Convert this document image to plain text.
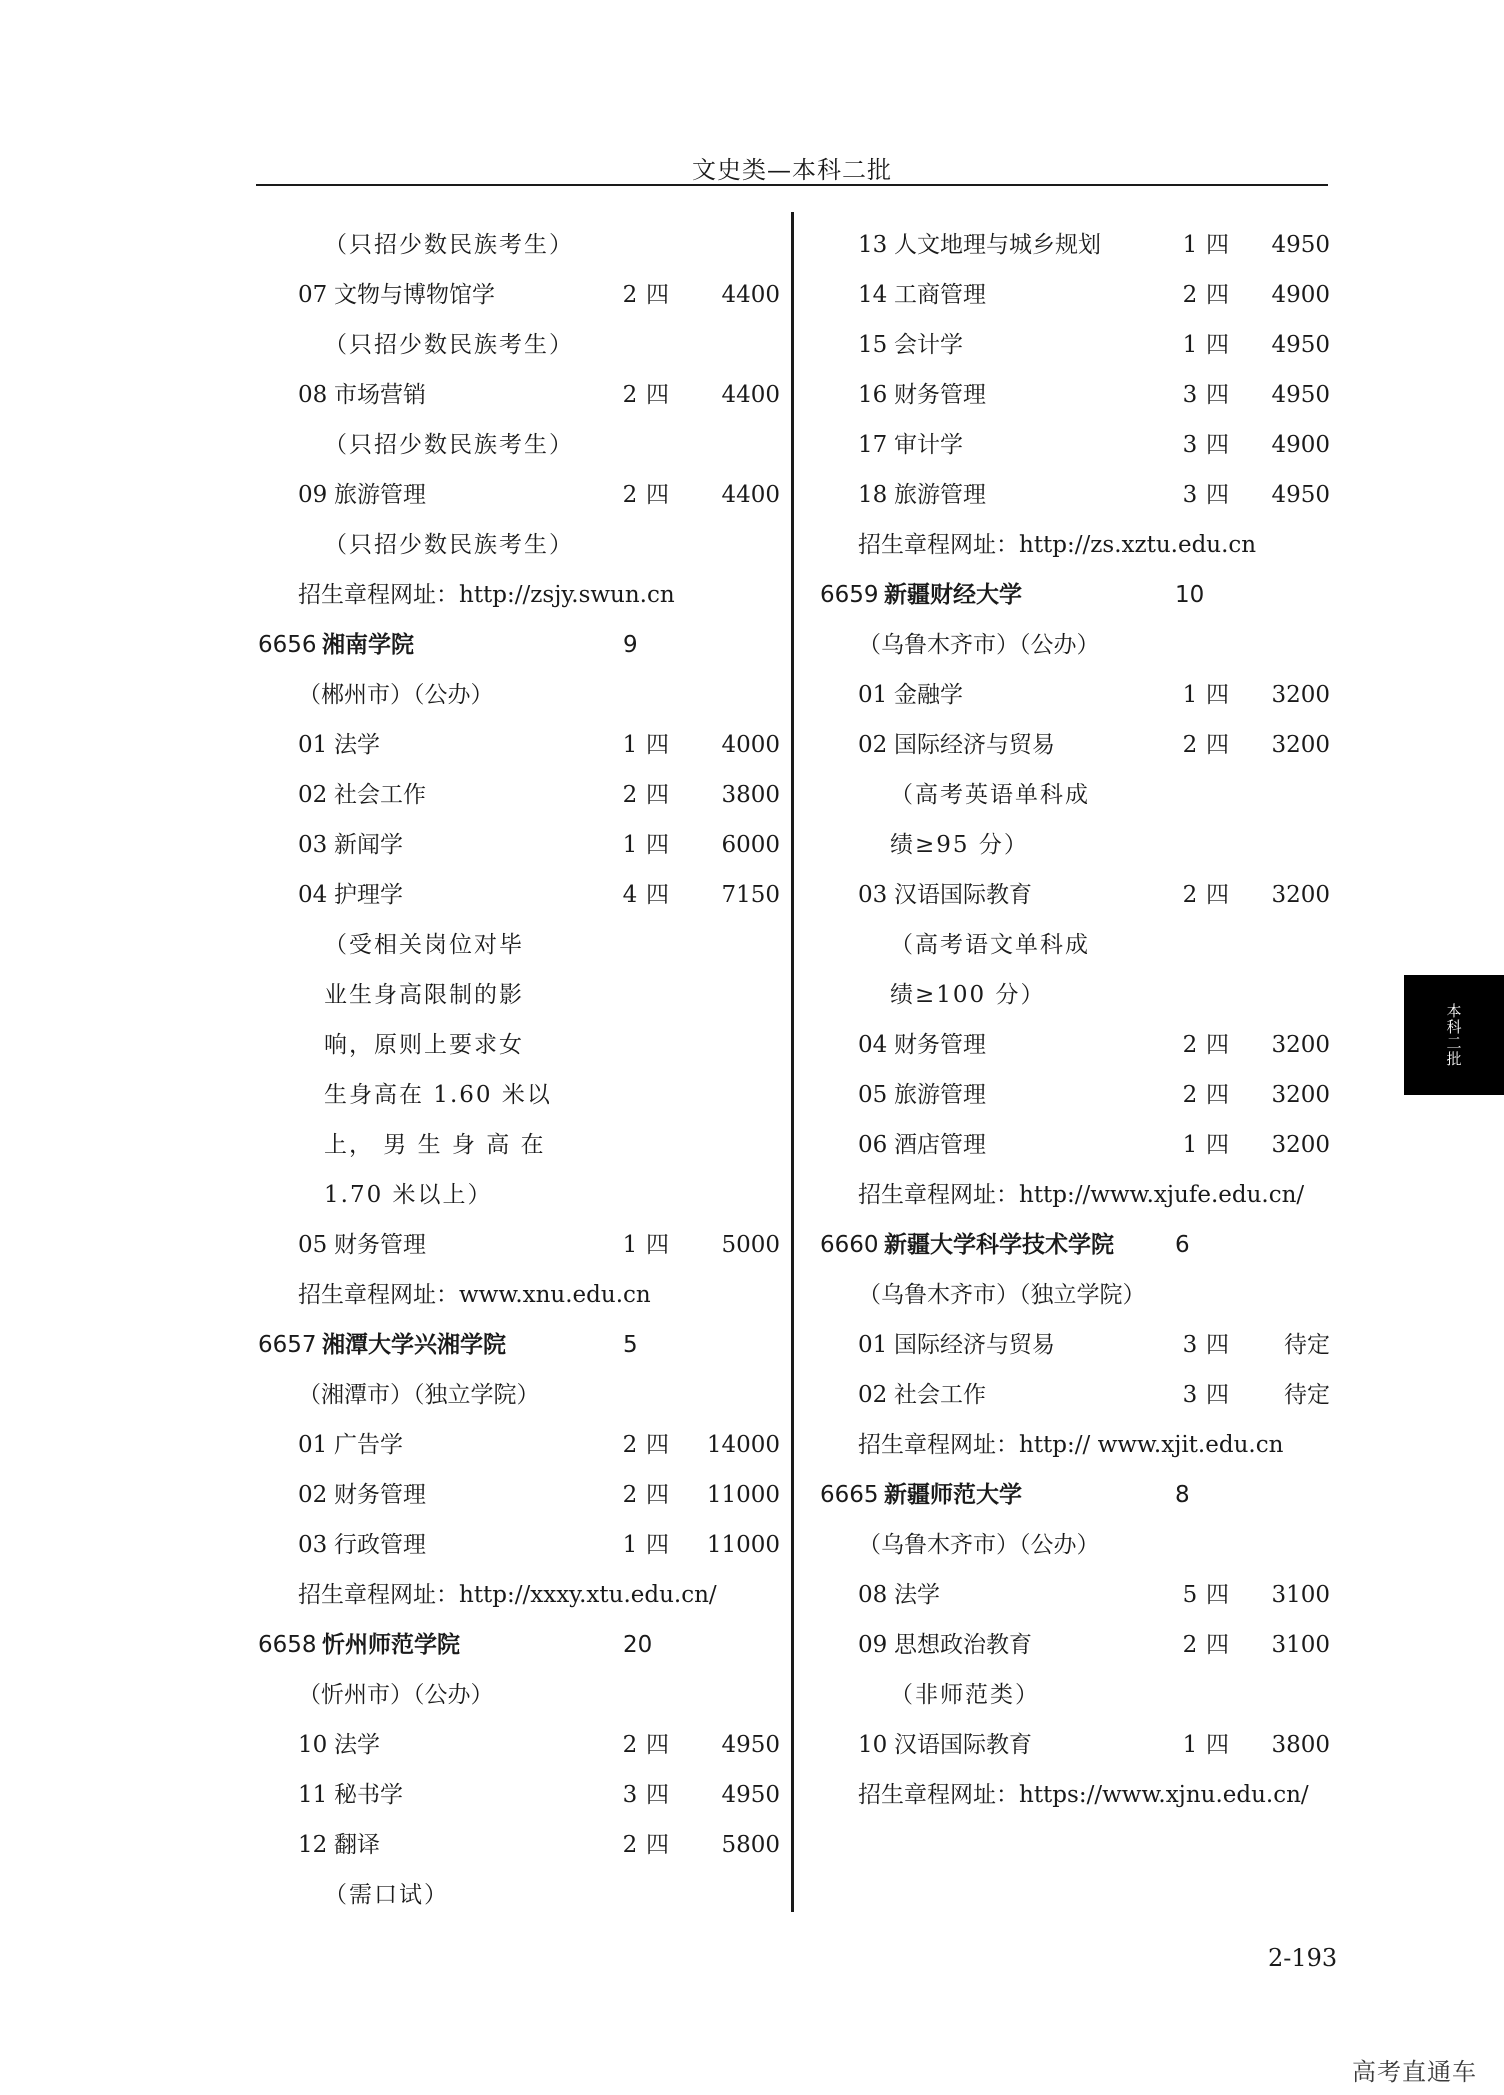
文史类—本科二批
（只招少数民族考生）
07 文物与博物馆学	2 四	4400
（只招少数民族考生）
08 市场营销	2 四	4400
（只招少数民族考生）
09 旅游管理	2 四	4400
（只招少数民族考生）
招生章程网址：http://zsjy.swun.cn
6656 湘南学院	9
（郴州市）（公办）
01 法学	1 四	4000
02 社会工作	2 四	3800
03 新闻学	1 四	6000
04 护理学	4 四	7150
（受相关岗位对毕
业生身高限制的影
响，原则上要求女
生身高在 1.60 米以
上， 男 生 身 高 在
1.70 米以上）
05 财务管理	1 四	5000
招生章程网址：www.xnu.edu.cn
6657 湘潭大学兴湘学院	5
（湘潭市）（独立学院）
01 广告学	2 四	14000
02 财务管理	2 四	11000
03 行政管理	1 四	11000
招生章程网址：http://xxxy.xtu.edu.cn/
6658 忻州师范学院	20
（忻州市）（公办）
10 法学	2 四	4950
11 秘书学	3 四	4950
12 翻译	2 四	5800
（需口试）
13 人文地理与城乡规划	1 四	4950
14 工商管理	2 四	4900
15 会计学	1 四	4950
16 财务管理	3 四	4950
17 审计学	3 四	4900
18 旅游管理	3 四	4950
招生章程网址：http://zs.xztu.edu.cn
6659 新疆财经大学	10
（乌鲁木齐市）（公办）
01 金融学	1 四	3200
02 国际经济与贸易	2 四	3200
（高考英语单科成
绩≥95 分）
03 汉语国际教育	2 四	3200
（高考语文单科成
绩≥100 分）
04 财务管理	2 四	3200
05 旅游管理	2 四	3200
06 酒店管理	1 四	3200
招生章程网址：http://www.xjufe.edu.cn/
6660 新疆大学科学技术学院	6
（乌鲁木齐市）（独立学院）
01 国际经济与贸易	3 四	待定
02 社会工作	3 四	待定
招生章程网址：http:// www.xjit.edu.cn
6665 新疆师范大学	8
（乌鲁木齐市）（公办）
08 法学	5 四	3100
09 思想政治教育	2 四	3100
（非师范类）
10 汉语国际教育	1 四	3800
招生章程网址：https://www.xjnu.edu.cn/
本科二批
2-193
高考直通车
